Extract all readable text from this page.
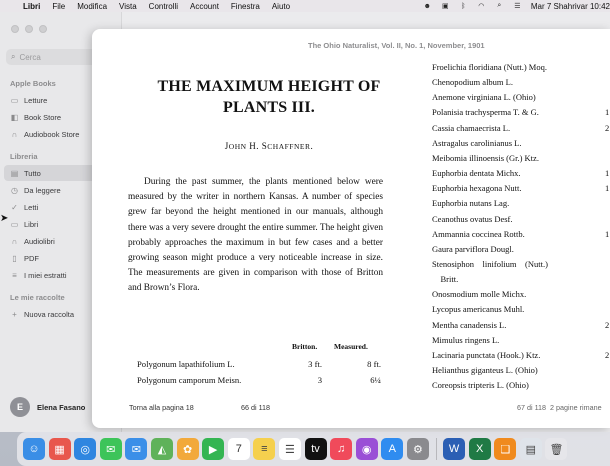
Libri File Modifica Vista Controlli Account Finestra Aiuto	☻ ▣	ᛒ	◠	⌕	☰ Mar 7 Shahrivar 10:42
⌕ Cerca
Apple Books
▭ Letture
◧ Book Store
∩ Audiobook Store
Libreria
▤ Tutto
◷ Da leggere
✓ Letti
▭ Libri
∩ Audiolibri
▯ PDF
≡ I miei estratti
Le mie raccolte
+ Nuova raccolta
E	Elena Fasano
The Ohio Naturalist, Vol. II, No. 1, November, 1901
THE MAXIMUM HEIGHT OF
PLANTS III.
JOHN H. SCHAFFNER.
During the past summer, the plants mentioned below were measured by the writer in northern Kansas. A number of species grew far beyond the height mentioned in our manuals, although there was a very severe drought the entire summer. The height given probably approaches the maximum in but few cases and a better growing season might produce a very noticeable increase in size. The measurements are given in comparison with those of Britton and Brown’s Flora.
Britton. Measured.
Polygonum lapathifolium L.	3 ft.	8 ft.
Polygonum camporum Meisn.	3	6¼
Froelichia floridiana (Nutt.) Moq.
Chenopodium album L.
Anemone virginiana L. (Ohio)
Polanisia trachysperma T. & G.	1
Cassia chamaecrista L.	2
Astragalus carolinianus L.
Meibomia illinoensis (Gr.) Ktz.
Euphorbia dentata Michx.	1
Euphorbia hexagona Nutt.	1
Euphorbia nutans Lag.
Ceanothus ovatus Desf.
Ammannia coccinea Rottb.	1
Gaura parviflora Dougl.
Stenosiphon    linifolium    (Nutt.)
Britt.
Onosmodium molle Michx.
Lycopus americanus Muhl.
Mentha canadensis L.	2
Mimulus ringens L.
Lacinaria punctata (Hook.) Ktz.	2
Helianthus giganteus L. (Ohio)
Coreopsis tripteris L. (Ohio)
Torna alla pagina 18	66 di 118	67 di 118 2 pagine rimane
➤
☺	▦	◎	✉	✉	◭	✿	▶	7	≡	☰	tv	♫	◉	A	⚙	W	X	❑	▤	🗑
